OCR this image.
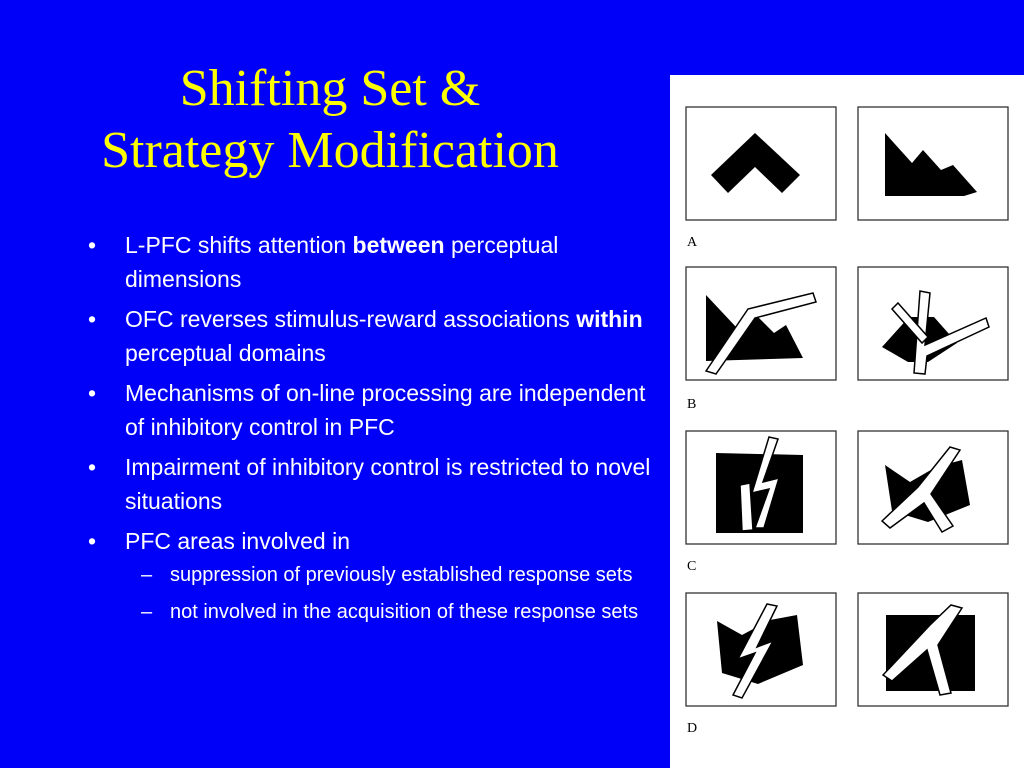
Shifting Set &
Strategy Modification
• L-PFC shifts attention between perceptual dimensions
• OFC reverses stimulus-reward associations within perceptual domains
• Mechanisms of on-line processing are independent of inhibitory control in PFC
• Impairment of inhibitory control is restricted to novel situations
• PFC areas involved in
– suppression of previously established response sets
– not involved in the acquisition of these response sets
A
B
C
D
